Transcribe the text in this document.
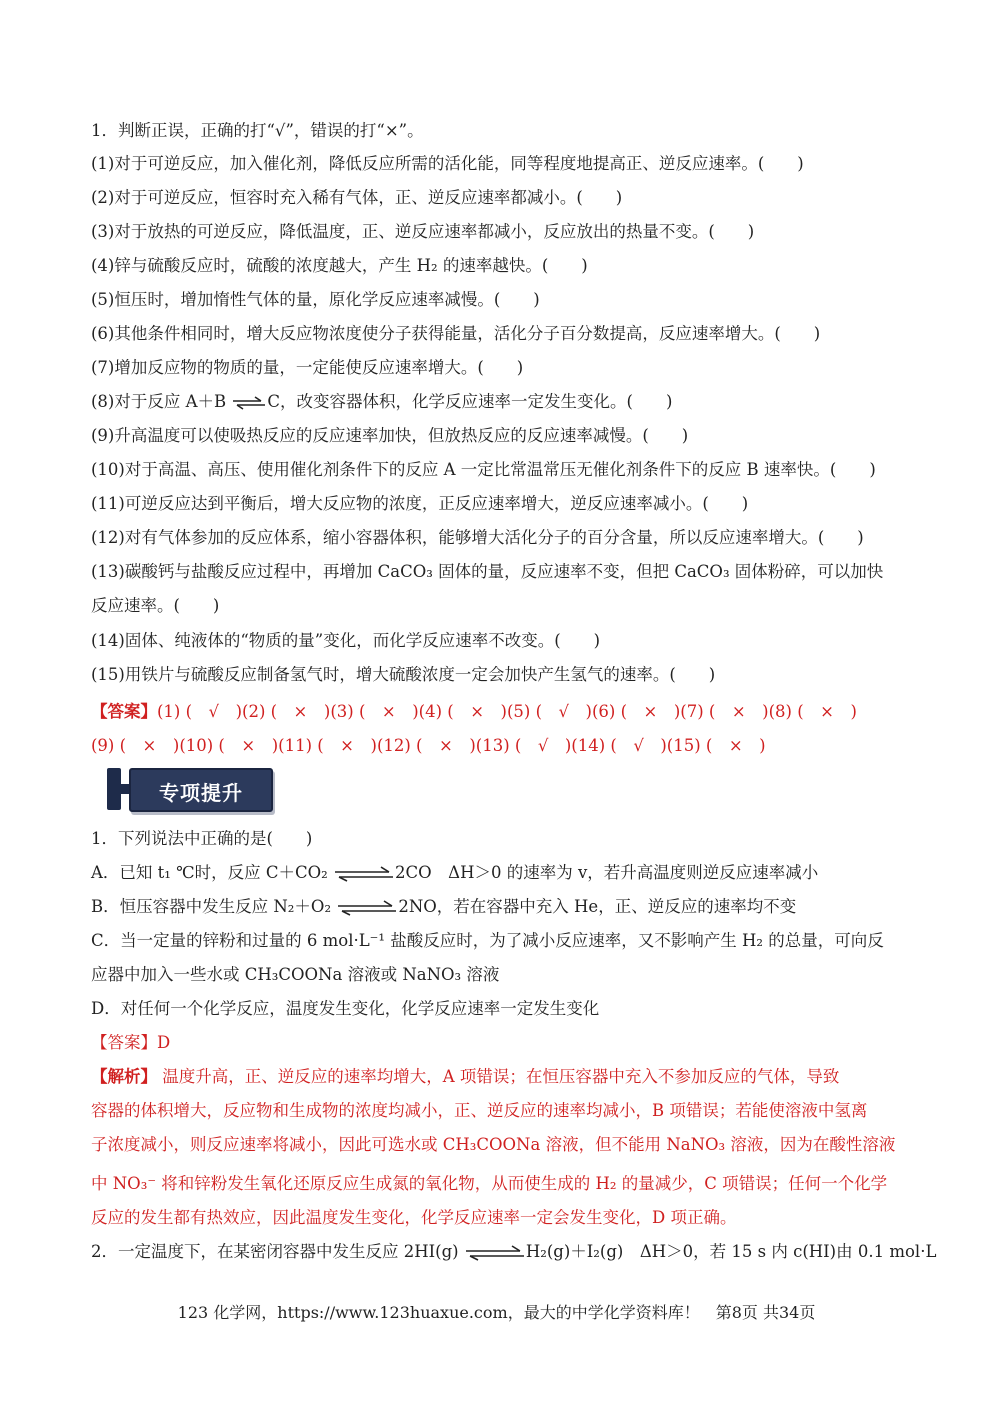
1．判断正误，正确的打“√”，错误的打“×”。
(1)对于可逆反应，加入催化剂，降低反应所需的活化能，同等程度地提高正、逆反应速率。(　　)
(2)对于可逆反应，恒容时充入稀有气体，正、逆反应速率都减小。(　　)
(3)对于放热的可逆反应，降低温度，正、逆反应速率都减小，反应放出的热量不变。(　　)
(4)锌与硫酸反应时，硫酸的浓度越大，产生 H₂ 的速率越快。(　　)
(5)恒压时，增加惰性气体的量，原化学反应速率减慢。(　　)
(6)其他条件相同时，增大反应物浓度使分子获得能量，活化分子百分数提高，反应速率增大。(　　)
(7)增加反应物的物质的量，一定能使反应速率增大。(　　)
(8)对于反应 A＋B ⇌C，改变容器体积，化学反应速率一定发生变化。(　　)
(9)升高温度可以使吸热反应的反应速率加快，但放热反应的反应速率减慢。(　　)
(10)对于高温、高压、使用催化剂条件下的反应 A 一定比常温常压无催化剂条件下的反应 B 速率快。(　　)
(11)可逆反应达到平衡后，增大反应物的浓度，正反应速率增大，逆反应速率减小。(　　)
(12)对有气体参加的反应体系，缩小容器体积，能够增大活化分子的百分含量，所以反应速率增大。(　　)
(13)碳酸钙与盐酸反应过程中，再增加 CaCO₃ 固体的量，反应速率不变，但把 CaCO₃ 固体粉碎，可以加快
反应速率。(　　)
(14)固体、纯液体的“物质的量”变化，而化学反应速率不改变。(　　)
(15)用铁片与硫酸反应制备氢气时，增大硫酸浓度一定会加快产生氢气的速率。(　　)
【答案】(1) (　√　)(2) (　×　)(3) (　×　)(4) (　×　)(5) (　√　)(6) (　×　)(7) (　×　)(8) (　×　)
(9) (　×　)(10) (　×　)(11) (　×　)(12) (　×　)(13) (　√　)(14) (　√　)(15) (　×　)
专项提升
1．下列说法中正确的是(　　)
A．已知 t₁ ℃时，反应 C＋CO₂ ⇌2CO　ΔH＞0 的速率为 v，若升高温度则逆反应速率减小
B．恒压容器中发生反应 N₂＋O₂ ⇌2NO，若在容器中充入 He，正、逆反应的速率均不变
C．当一定量的锌粉和过量的 6 mol·L⁻¹ 盐酸反应时，为了减小反应速率，又不影响产生 H₂ 的总量，可向反
应器中加入一些水或 CH₃COONa 溶液或 NaNO₃ 溶液
D．对任何一个化学反应，温度发生变化，化学反应速率一定发生变化
【答案】D
【解析】 温度升高，正、逆反应的速率均增大，A 项错误；在恒压容器中充入不参加反应的气体，导致
容器的体积增大，反应物和生成物的浓度均减小，正、逆反应的速率均减小，B 项错误；若能使溶液中氢离
子浓度减小，则反应速率将减小，因此可选水或 CH₃COONa 溶液，但不能用 NaNO₃ 溶液，因为在酸性溶液
中 NO₃⁻ 将和锌粉发生氧化还原反应生成氮的氧化物，从而使生成的 H₂ 的量减少，C 项错误；任何一个化学
反应的发生都有热效应，因此温度发生变化，化学反应速率一定会发生变化，D 项正确。
2．一定温度下，在某密闭容器中发生反应 2HI(g) ⇌H₂(g)＋I₂(g)　ΔH＞0，若 15 s 内 c(HI)由 0.1 mol·L
123 化学网，https://www.123huaxue.com，最大的中学化学资料库！　第8页 共34页
